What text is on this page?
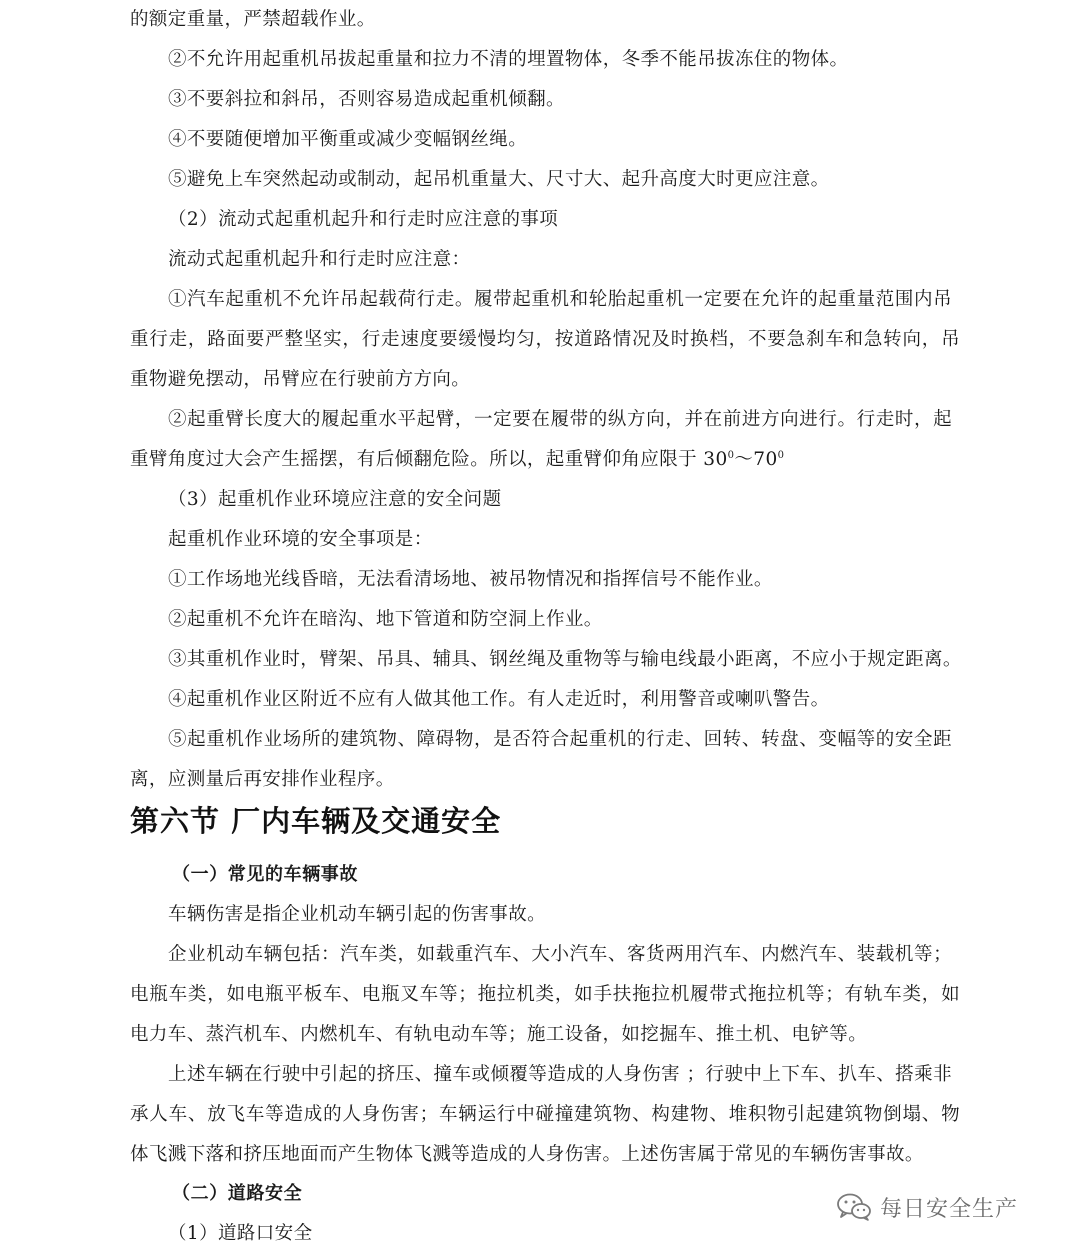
的额定重量，严禁超载作业。
②不允许用起重机吊拔起重量和拉力不清的埋置物体，冬季不能吊拔冻住的物体。
③不要斜拉和斜吊，否则容易造成起重机倾翻。
④不要随便增加平衡重或减少变幅钢丝绳。
⑤避免上车突然起动或制动，起吊机重量大、尺寸大、起升高度大时更应注意。
（2）流动式起重机起升和行走时应注意的事项
流动式起重机起升和行走时应注意：
①汽车起重机不允许吊起载荷行走。履带起重机和轮胎起重机一定要在允许的起重量范围内吊
重行走，路面要严整坚实，行走速度要缓慢均匀，按道路情况及时换档，不要急刹车和急转向，吊
重物避免摆动，吊臂应在行驶前方方向。
②起重臂长度大的履起重水平起臂，一定要在履带的纵方向，并在前进方向进行。行走时，起
重臂角度过大会产生摇摆，有后倾翻危险。所以，起重臂仰角应限于 $30^0\sim 70^0$
（3）起重机作业环境应注意的安全问题
起重机作业环境的安全事项是：
①工作场地光线昏暗，无法看清场地、被吊物情况和指挥信号不能作业。
②起重机不允许在暗沟、地下管道和防空洞上作业。
③其重机作业时，臂架、吊具、辅具、钢丝绳及重物等与输电线最小距离，不应小于规定距离。
④起重机作业区附近不应有人做其他工作。有人走近时，利用警音或喇叭警告。
⑤起重机作业场所的建筑物、障碍物，是否符合起重机的行走、回转、转盘、变幅等的安全距
离，应测量后再安排作业程序。
第六节 厂内车辆及交通安全
（一）常见的车辆事故
车辆伤害是指企业机动车辆引起的伤害事故。
企业机动车辆包括：汽车类，如载重汽车、大小汽车、客货两用汽车、内燃汽车、装载机等；
电瓶车类，如电瓶平板车、电瓶叉车等；拖拉机类，如手扶拖拉机履带式拖拉机等；有轨车类，如
电力车、蒸汽机车、内燃机车、有轨电动车等；施工设备，如挖掘车、推土机、电铲等。
上述车辆在行驶中引起的挤压、撞车或倾覆等造成的人身伤害 ；行驶中上下车、扒车、搭乘非
承人车、放飞车等造成的人身伤害；车辆运行中碰撞建筑物、构建物、堆积物引起建筑物倒塌、物
体飞溅下落和挤压地面而产生物体飞溅等造成的人身伤害。上述伤害属于常见的车辆伤害事故。
（二）道路安全
（1）道路口安全
每日安全生产
